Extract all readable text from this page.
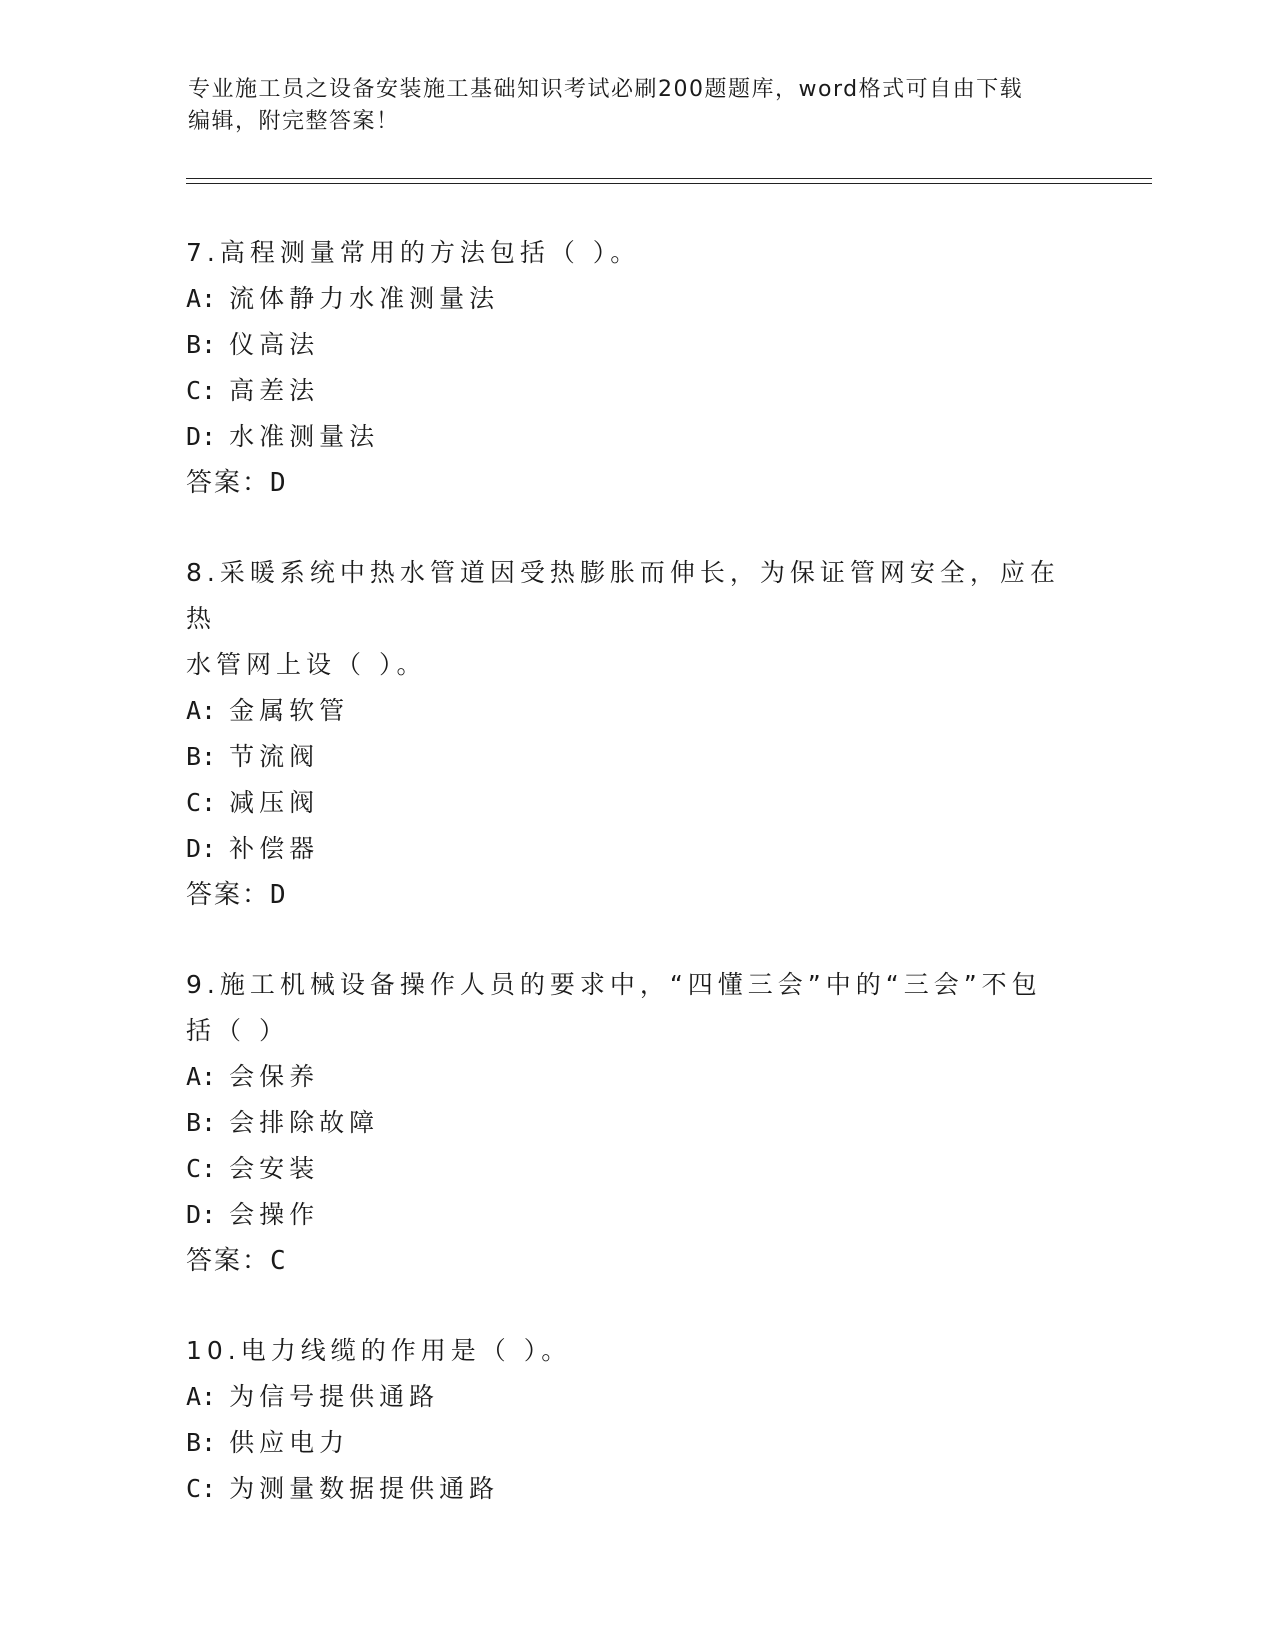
专业施工员之设备安装施工基础知识考试必刷200题题库，word格式可自由下载
编辑，附完整答案！

7.高程测量常用的方法包括（ ）。

A: 流体静力水准测量法

B: 仪高法

C: 高差法

D: 水准测量法

答案：D

8.采暖系统中热水管道因受热膨胀而伸长，为保证管网安全，应在热

水管网上设（ ）。

A: 金属软管

B: 节流阀

C: 减压阀

D: 补偿器

答案：D

9.施工机械设备操作人员的要求中，“四懂三会”中的“三会”不包

括（ ）

A: 会保养

B: 会排除故障

C: 会安装

D: 会操作

答案：C

10.电力线缆的作用是（ ）。

A: 为信号提供通路

B: 供应电力

C: 为测量数据提供通路
